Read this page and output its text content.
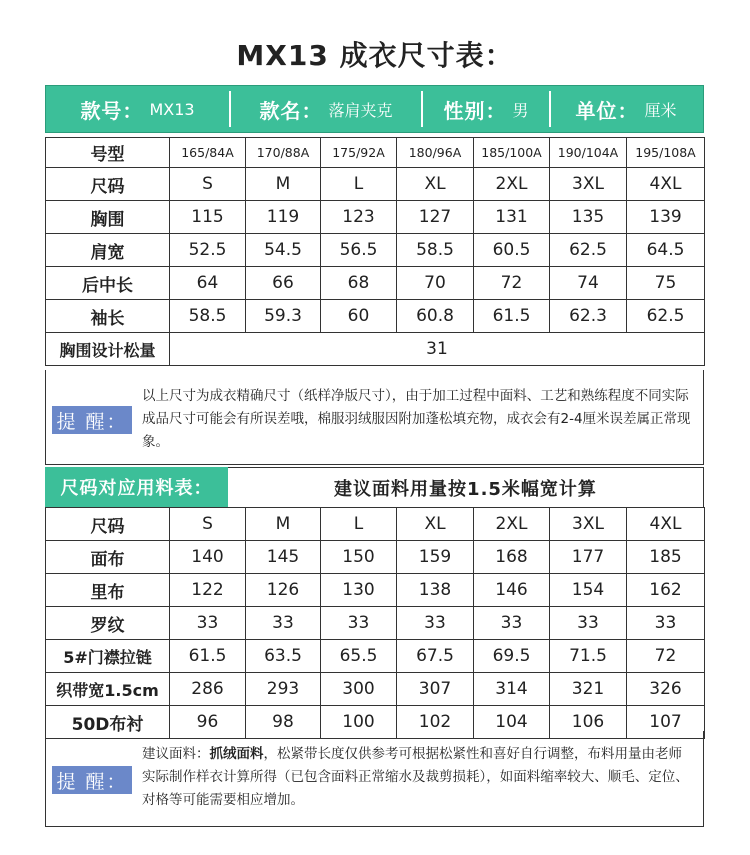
MX13 成衣尺寸表：
款号： MX13	款名： 落肩夹克	性别： 男 单位： 厘米
号型	165/84A	170/88A	175/92A	180/96A	185/100A	190/104A	195/108A
尺码	S	M	L	XL	2XL	3XL	4XL
胸围	115	119	123	127	131	135	139
肩宽	52.5	54.5	56.5	58.5	60.5	62.5	64.5
后中长	64	66	68	70	72	74	75
袖长	58.5	59.3	60	60.8	61.5	62.3	62.5
胸围设计松量	31						
提 醒：
以上尺寸为成衣精确尺寸（纸样净版尺寸），由于加工过程中面料、工艺和熟练程度不同实际成品尺寸可能会有所误差哦，棉服羽绒服因附加蓬松填充物，成衣会有2-4厘米误差属正常现象。
尺码对应用料表：	建议面料用量按1.5米幅宽计算
尺码	S	M	L	XL	2XL	3XL	4XL
面布	140	145	150	159	168	177	185
里布	122	126	130	138	146	154	162
罗纹	33	33	33	33	33	33	33
5#门襟拉链	61.5	63.5	65.5	67.5	69.5	71.5	72
织带宽1.5cm	286	293	300	307	314	321	326
50D布衬	96	98	100	102	104	106	107
提 醒：
建议面料：抓绒面料，松紧带长度仅供参考可根据松紧性和喜好自行调整，布料用量由老师实际制作样衣计算所得（已包含面料正常缩水及裁剪损耗），如面料缩率较大、顺毛、定位、对格等可能需要相应增加。
